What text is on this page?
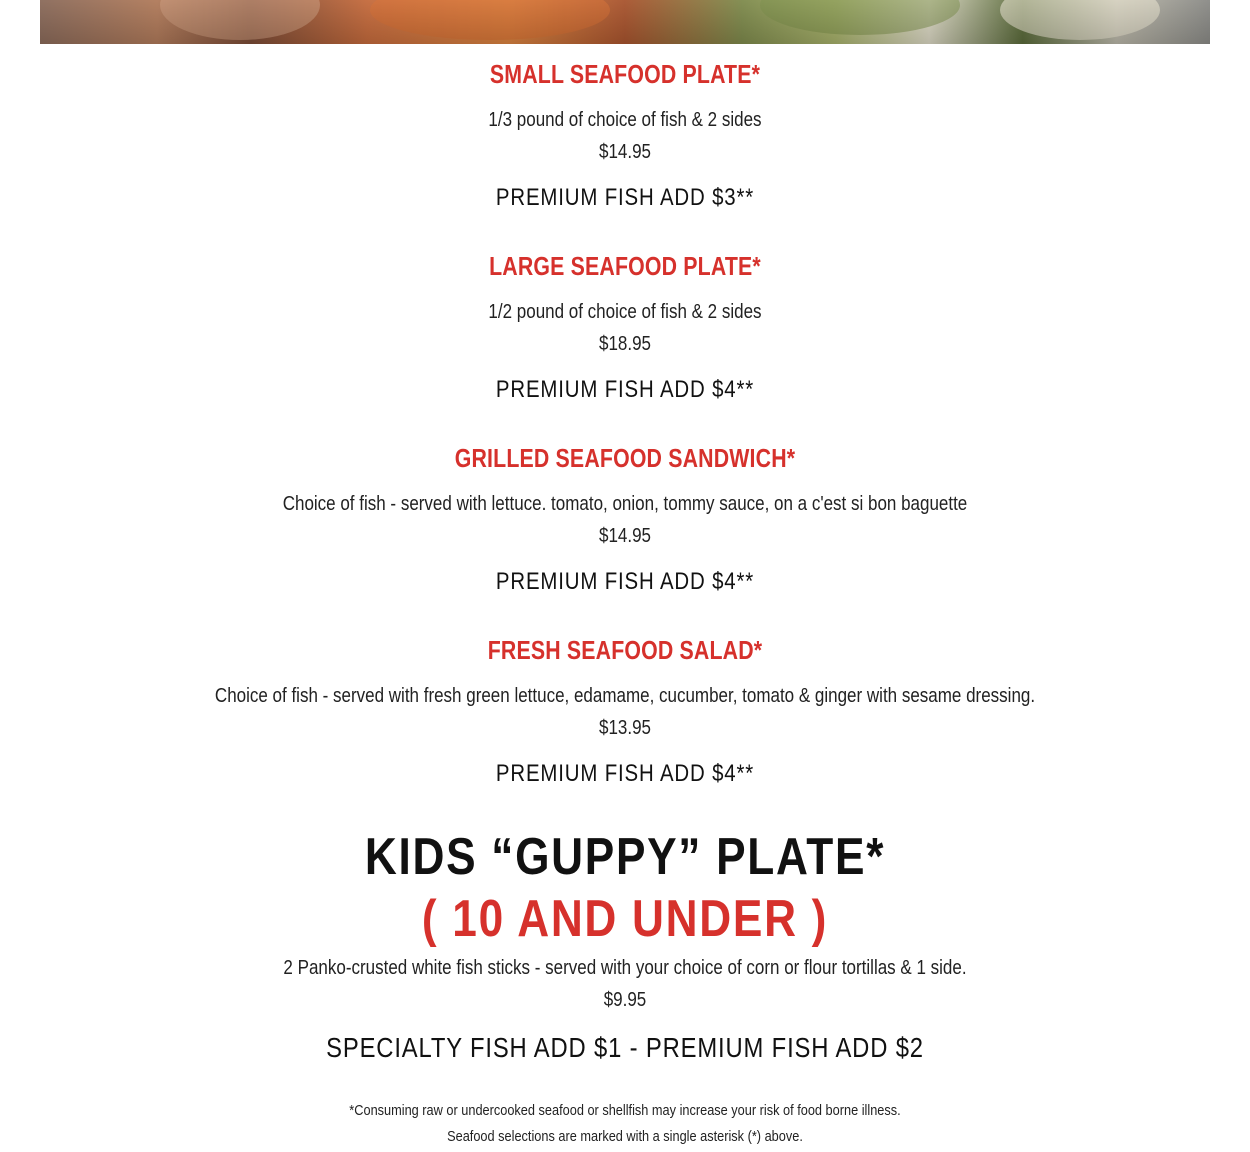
SMALL SEAFOOD PLATE*
1/3 pound of choice of fish & 2 sides
$14.95
PREMIUM FISH ADD $3**
LARGE SEAFOOD PLATE*
1/2 pound of choice of fish & 2 sides
$18.95
PREMIUM FISH ADD $4**
GRILLED SEAFOOD SANDWICH*
Choice of fish - served with lettuce. tomato, onion, tommy sauce, on a c'est si bon baguette
$14.95
PREMIUM FISH ADD $4**
FRESH SEAFOOD SALAD*
Choice of fish - served with fresh green lettuce, edamame, cucumber, tomato & ginger with sesame dressing.
$13.95
PREMIUM FISH ADD $4**
KIDS “GUPPY” PLATE*
( 10 AND UNDER )
2 Panko-crusted white fish sticks - served with your choice of corn or flour tortillas & 1 side.
$9.95
SPECIALTY FISH ADD $1 - PREMIUM FISH ADD $2
*Consuming raw or undercooked seafood or shellfish may increase your risk of food borne illness.
Seafood selections are marked with a single asterisk (*) above.
